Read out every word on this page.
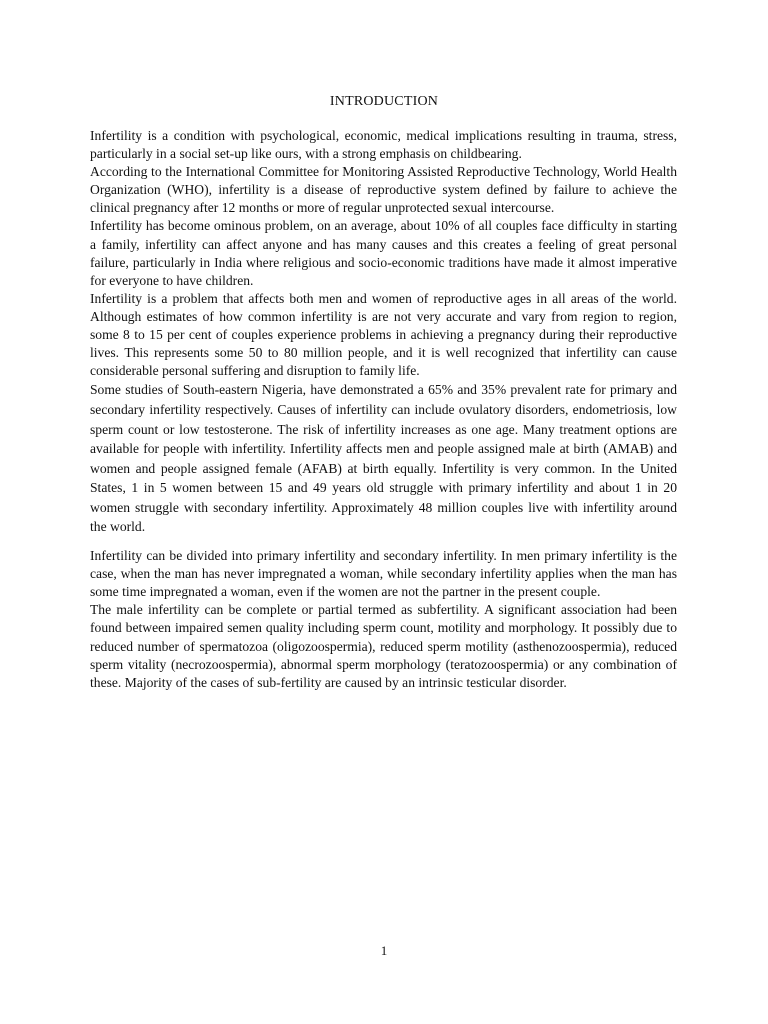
INTRODUCTION

Infertility is a condition with psychological, economic, medical implications resulting in trauma, stress, particularly in a social set-up like ours, with a strong emphasis on childbearing.

According to the International Committee for Monitoring Assisted Reproductive Technology, World Health Organization (WHO), infertility is a disease of reproductive system defined by failure to achieve the clinical pregnancy after 12 months or more of regular unprotected sexual intercourse.

Infertility has become ominous problem, on an average, about 10% of all couples face difficulty in starting a family, infertility can affect anyone and has many causes and this creates a feeling of great personal failure, particularly in India where religious and socio-economic traditions have made it almost imperative for everyone to have children.

Infertility is a problem that affects both men and women of reproductive ages in all areas of the world. Although estimates of how common infertility is are not very accurate and vary from region to region, some 8 to 15 per cent of couples experience problems in achieving a pregnancy during their reproductive lives. This represents some 50 to 80 million people, and it is well recognized that infertility can cause considerable personal suffering and disruption to family life.

Some studies of South-eastern Nigeria, have demonstrated a 65% and 35% prevalent rate for primary and secondary infertility respectively. Causes of infertility can include ovulatory disorders, endometriosis, low sperm count or low testosterone. The risk of infertility increases as one age. Many treatment options are available for people with infertility. Infertility affects men and people assigned male at birth (AMAB) and women and people assigned female (AFAB) at birth equally. Infertility is very common. In the United States, 1 in 5 women between 15 and 49 years old struggle with primary infertility and about 1 in 20 women struggle with secondary infertility. Approximately 48 million couples live with infertility around the world.

Infertility can be divided into primary infertility and secondary infertility. In men primary infertility is the case, when the man has never impregnated a woman, while secondary infertility applies when the man has some time impregnated a woman, even if the women are not the partner in the present couple.

The male infertility can be complete or partial termed as subfertility. A significant association had been found between impaired semen quality including sperm count, motility and morphology. It possibly due to reduced number of spermatozoa (oligozoospermia), reduced sperm motility (asthenozoospermia), reduced sperm vitality (necrozoospermia), abnormal sperm morphology (teratozoospermia) or any combination of these. Majority of the cases of sub-fertility are caused by an intrinsic testicular disorder.

1
